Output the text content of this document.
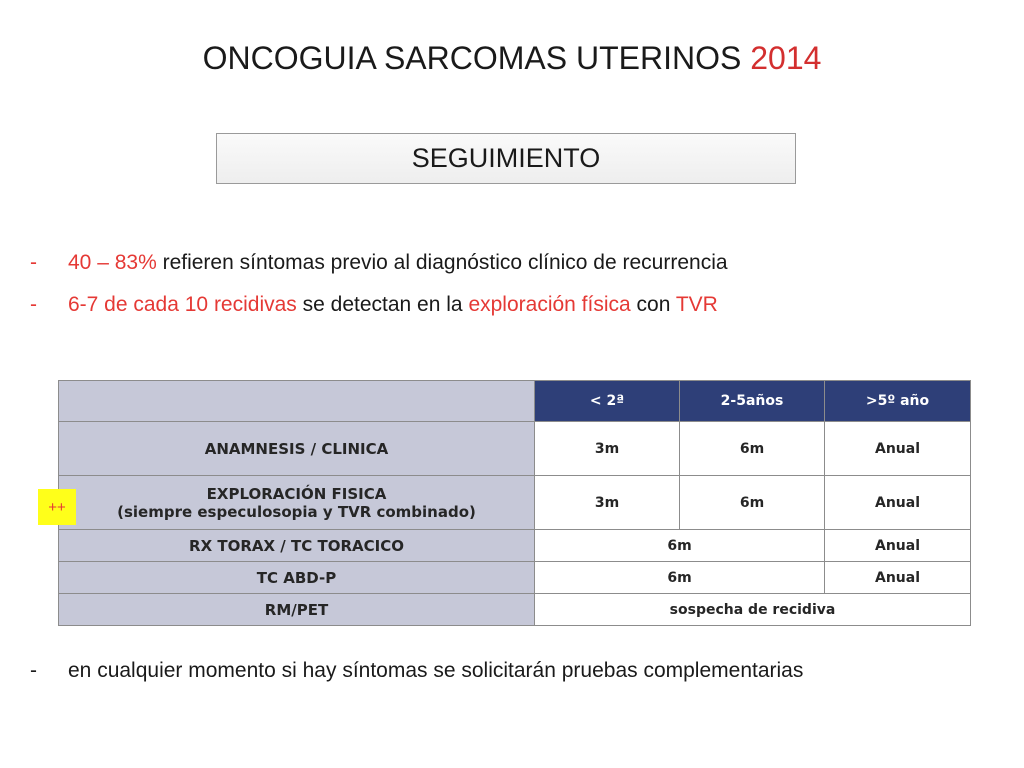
ONCOGUIA SARCOMAS UTERINOS 2014
SEGUIMIENTO
- 40 – 83% refieren síntomas previo al diagnóstico clínico de recurrencia
- 6-7 de cada 10 recidivas se detectan en la exploración física con TVR
	< 2ª	2-5años	>5º año
ANAMNESIS / CLINICA	3m	6m	Anual
EXPLORACIÓN FISICA
(siempre especulosopia y TVR combinado)	3m	6m	Anual
RX TORAX / TC TORACICO	6m		Anual
TC ABD-P	6m		Anual
RM/PET	sospecha de recidiva		
++
- en cualquier momento si hay síntomas se solicitarán pruebas complementarias
